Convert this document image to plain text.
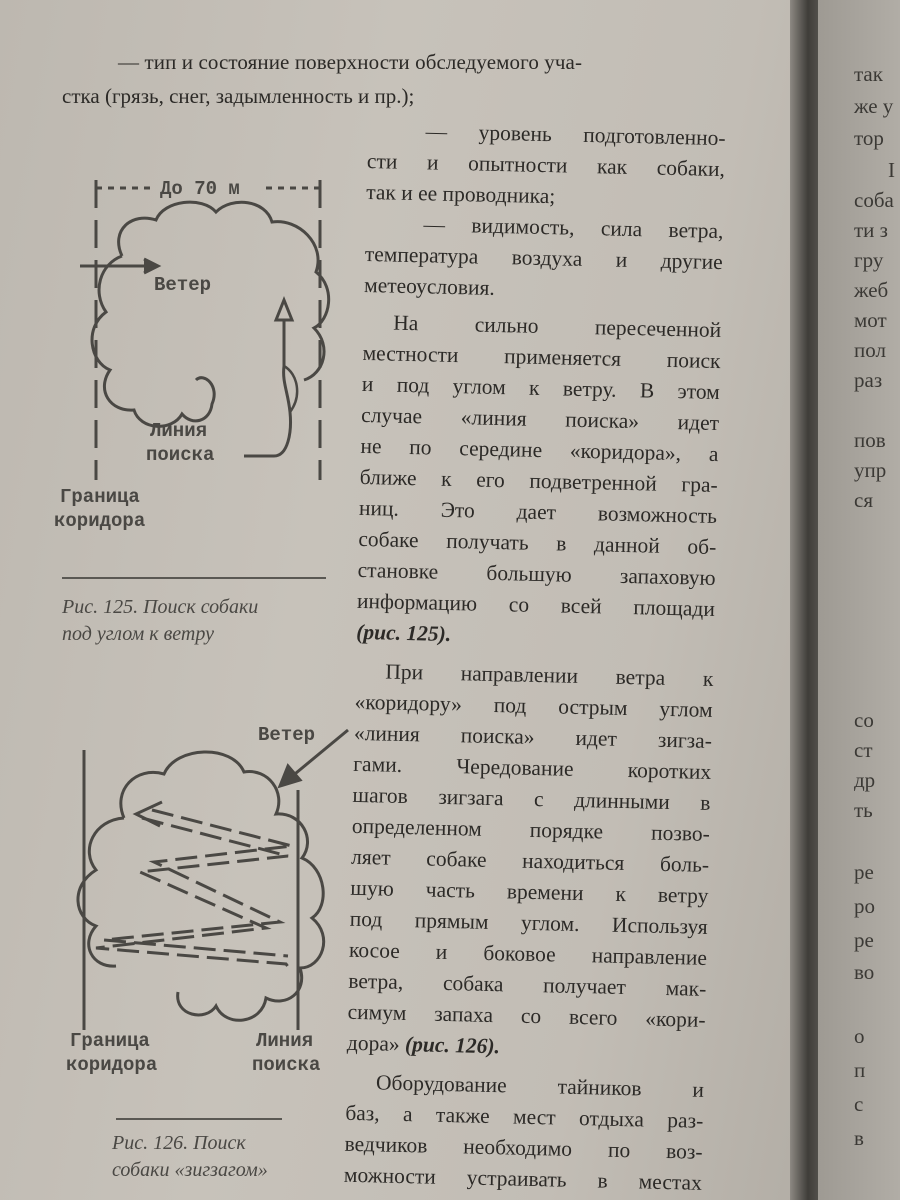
— тип и состояние поверхности обследуемого уча-
стка (грязь, снег, задымленность и пр.);
— уровень подготовленно-
сти и опытности как собаки,
так и ее проводника;
— видимость, сила ветра,
температура воздуха и другие
метеоусловия.
На сильно пересеченной
местности применяется поиск
и под углом к ветру. В этом
случае «линия поиска» идет
не по середине «коридора», а
ближе к его подветренной гра-
ниц. Это дает возможность
собаке получать в данной об-
становке большую запаховую
информацию со всей площади
(рис. 125).
При направлении ветра к
«коридору» под острым углом
«линия поиска» идет зигза-
гами. Чередование коротких
шагов зигзага с длинными в
определенном порядке позво-
ляет собаке находиться боль-
шую часть времени к ветру
под прямым углом. Используя
косое и боковое направление
ветра, собака получает мак-
симум запаха со всего «кори-
дора» (рис. 126).
Оборудование тайников и
баз, а также мест отдыха раз-
ведчиков необходимо по воз-
можности устраивать в местах
До 70 м
Ветер
Линия
поиска
Граница
коридора
Рис. 125. Поиск собаки
под углом к ветру
Ветер
Граница
коридора
Линия
поиска
Рис. 126. Поиск
собаки «зигзагом»
так
же у
тор
I
соба
ти з
гру
жеб
мот
пол
раз
пов
упр
ся
со
ст
др
ть
ре
ро
ре
во
о
п
с
в
